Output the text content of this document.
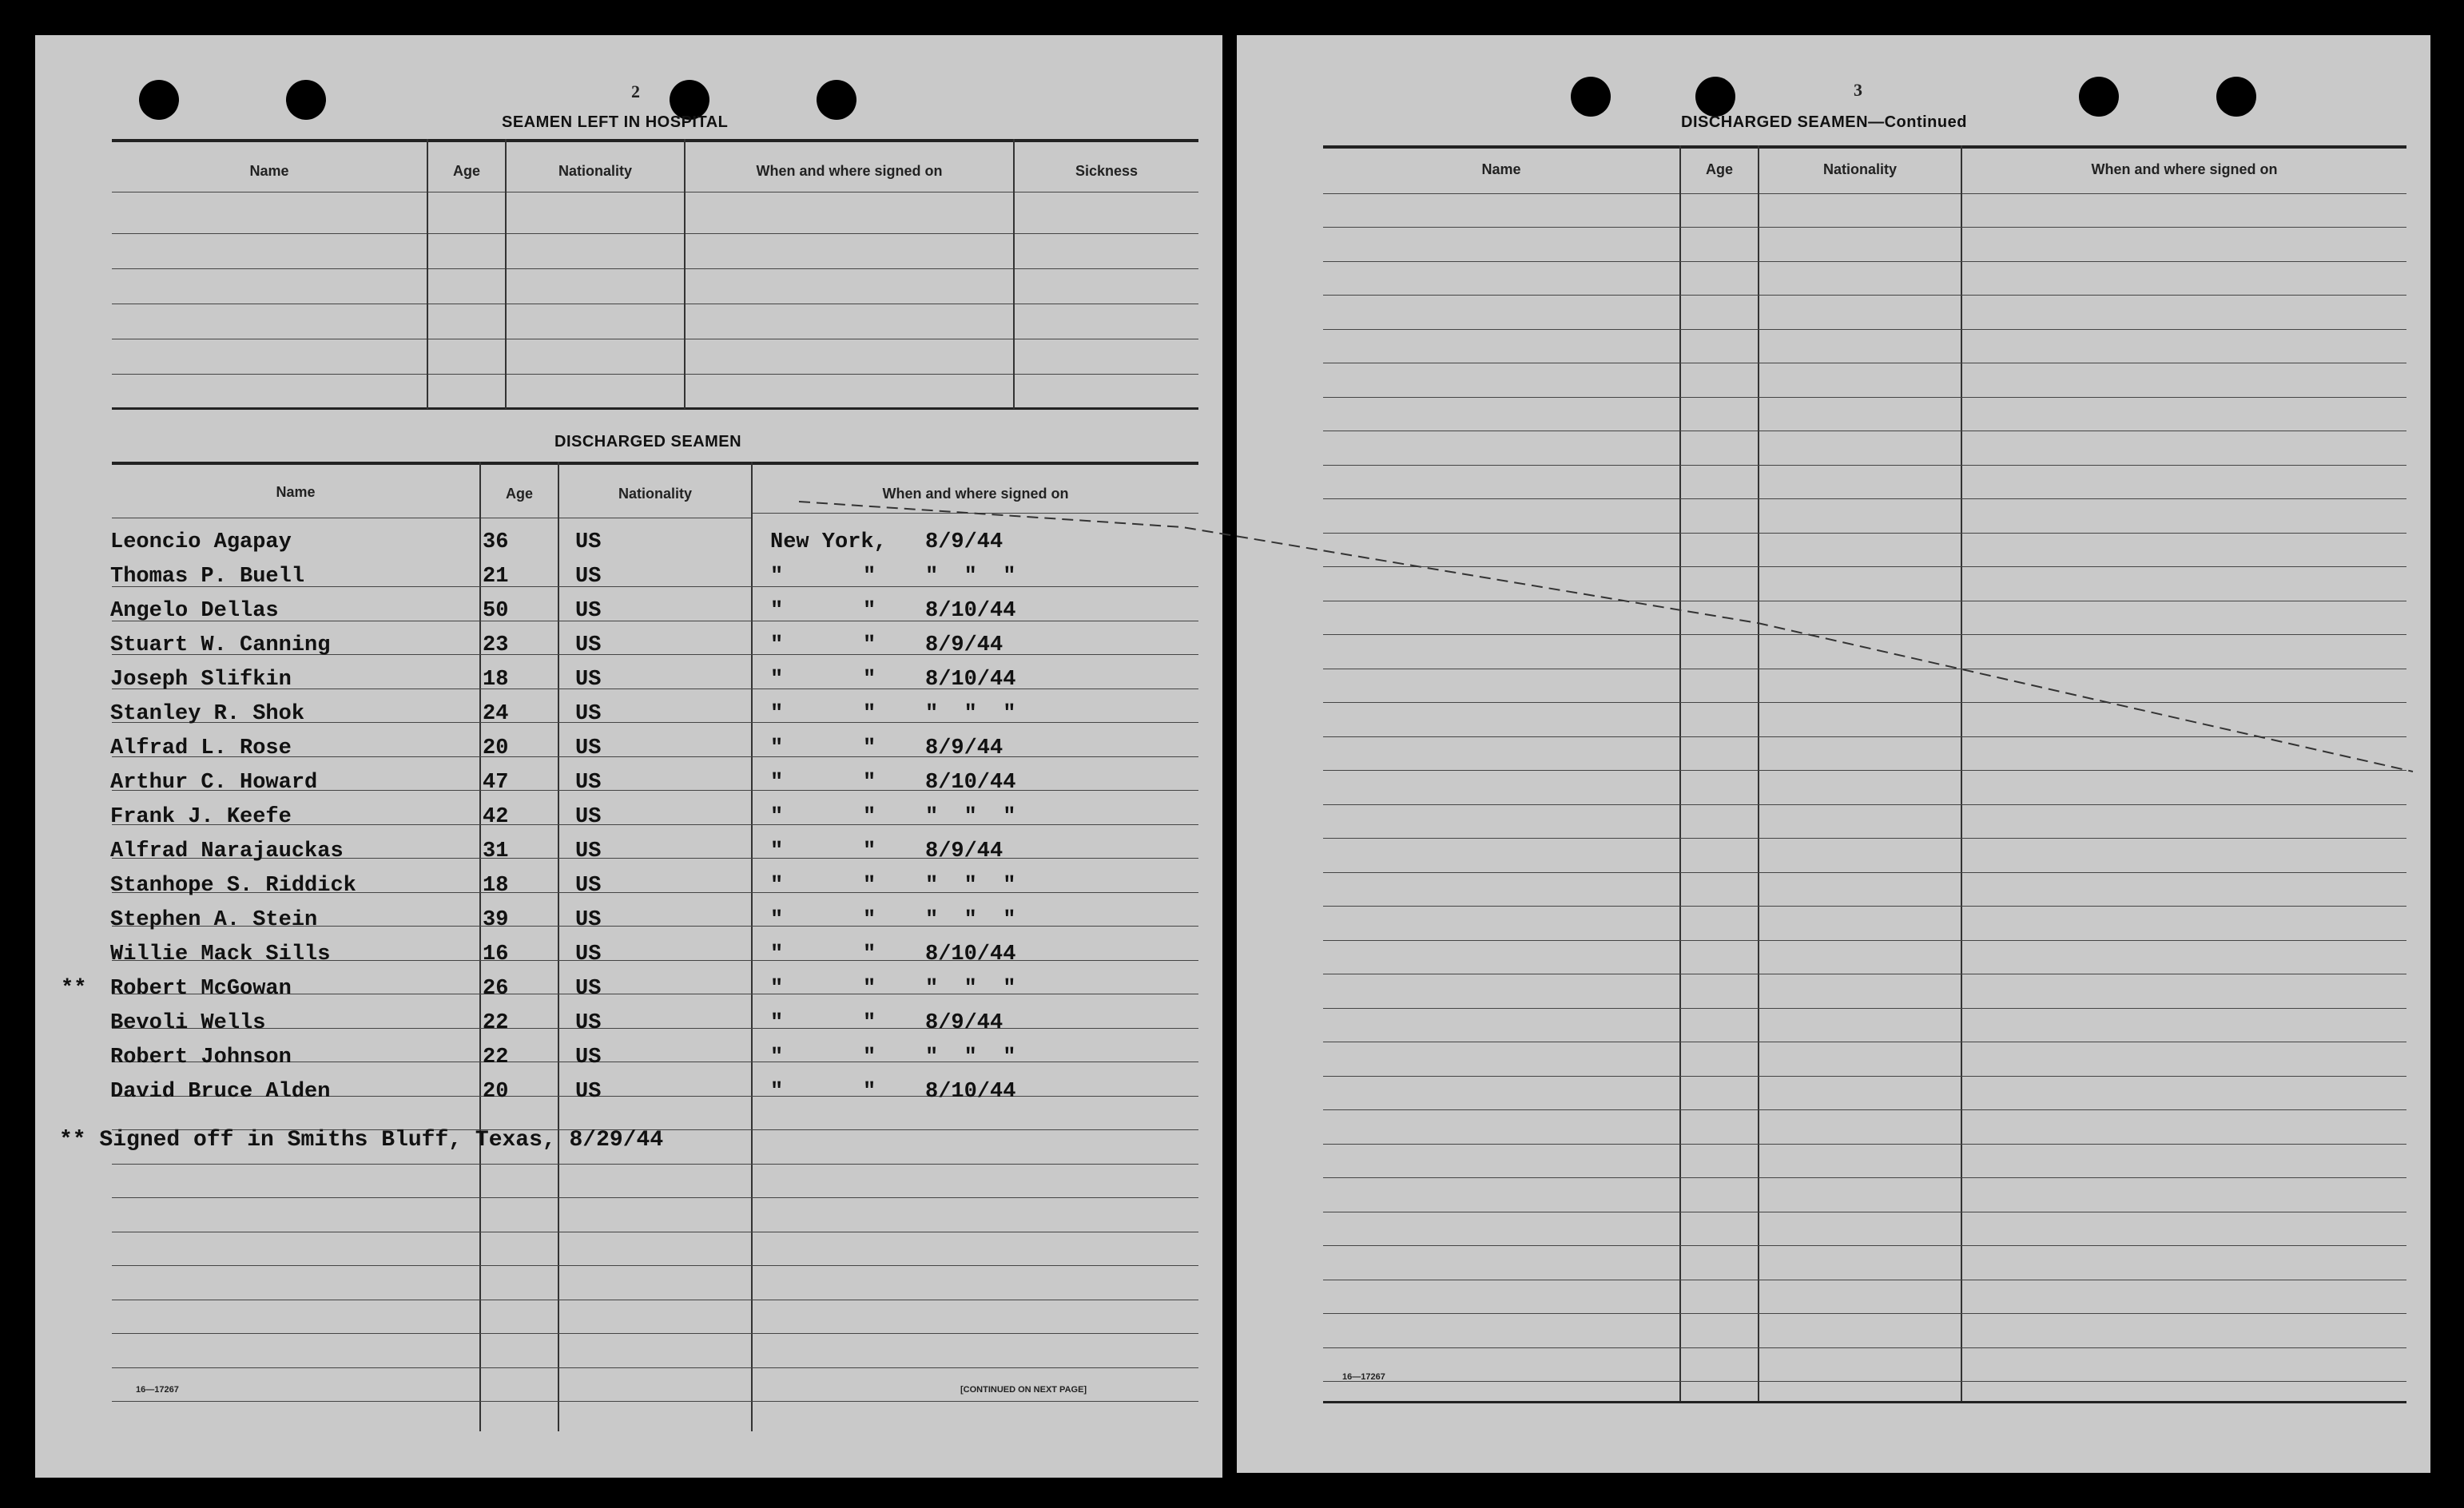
2
SEAMEN LEFT IN HOSPITAL
Name	Age	Nationality	When and where signed on	Sickness
DISCHARGED SEAMEN
Name	Age	Nationality	When and where signed on
Leoncio Agapay	36	US	New York, 8/9/44
Thomas P. Buell	21	US	"	" "  "  "
Angelo Dellas	50	US	"	" 8/10/44
Stuart W. Canning	23	US	"	" 8/9/44
Joseph Slifkin	18	US	"	" 8/10/44
Stanley R. Shok	24	US	"	" "  "  "
Alfrad L. Rose	20	US	"	" 8/9/44
Arthur C. Howard	47	US	"	" 8/10/44
Frank J. Keefe	42	US	"	" "  "  "
Alfrad Narajauckas	31	US	"	" 8/9/44
Stanhope S. Riddick	18	US	"	" "  "  "
Stephen A. Stein	39	US	"	" "  "  "
Willie Mack Sills	16	US	"	" 8/10/44
** Robert McGowan	26	US	"	" "  "  "
Bevoli Wells	22	US	"	" 8/9/44
Robert Johnson	22	US	"	" "  "  "
David Bruce Alden	20	US	"	" 8/10/44
** Signed off in Smiths Bluff, Texas, 8/29/44
16—17267	[CONTINUED ON NEXT PAGE]
3
DISCHARGED SEAMEN—Continued
Name	Age	Nationality	When and where signed on
16—17267
